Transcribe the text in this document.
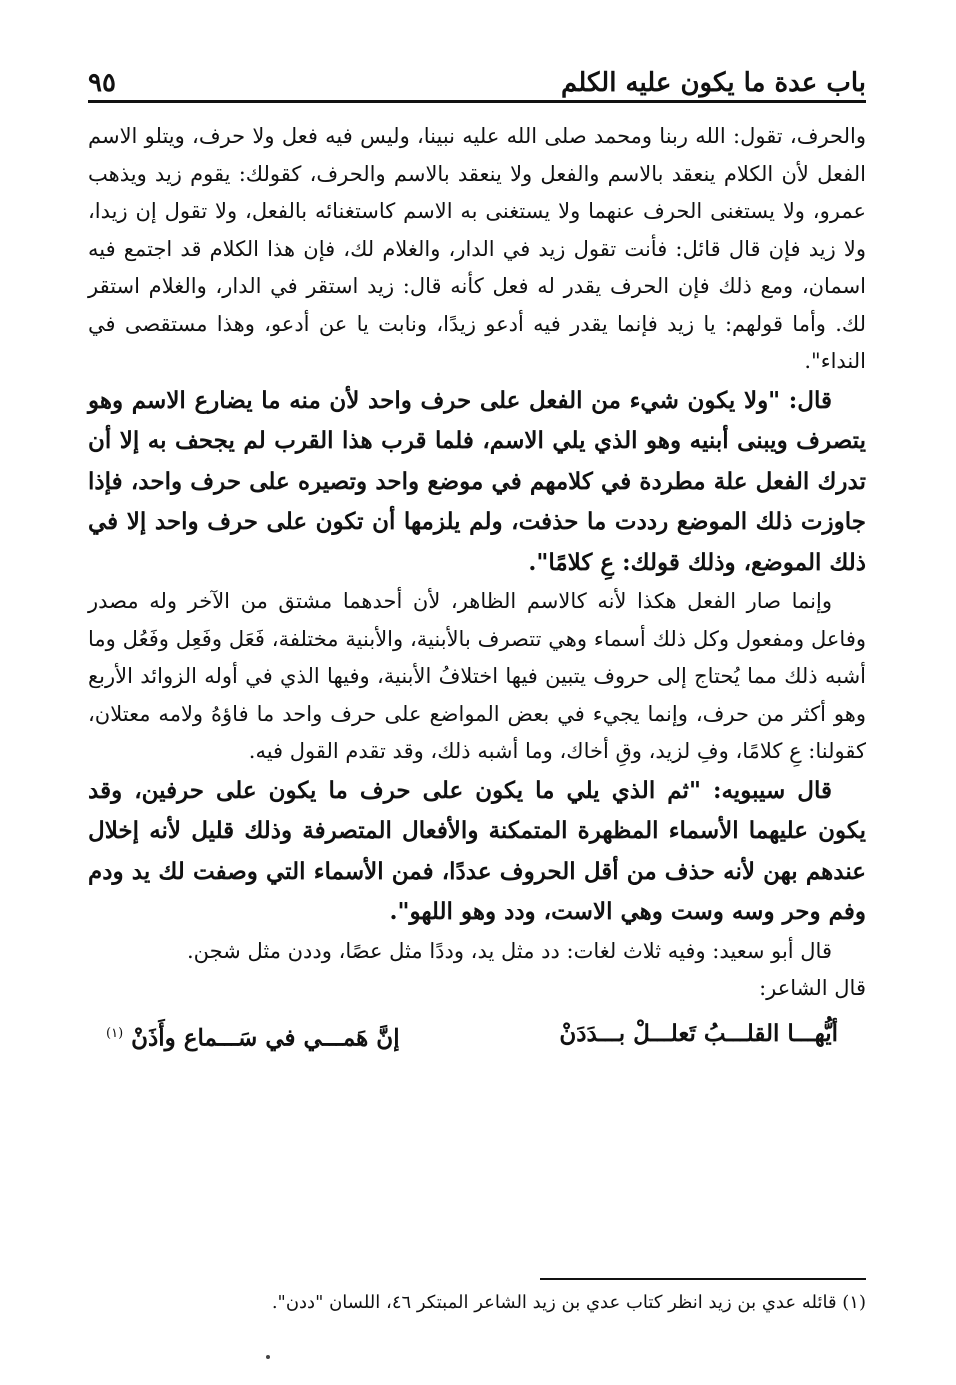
باب عدة ما يكون عليه الكلم
٩٥

والحرف، تقول: الله ربنا ومحمد صلى الله عليه نبينا، وليس فيه فعل ولا حرف، ويتلو الاسم الفعل لأن الكلام ينعقد بالاسم والفعل ولا ينعقد بالاسم والحرف، كقولك: يقوم زيد ويذهب عمرو، ولا يستغنى الحرف عنهما ولا يستغنى به الاسم كاستغنائه بالفعل، ولا تقول إن زيدا، ولا زيد فإن قال قائل: فأنت تقول زيد في الدار، والغلام لك، فإن هذا الكلام قد اجتمع فيه اسمان، ومع ذلك فإن الحرف يقدر له فعل كأنه قال: زيد استقر في الدار، والغلام استقر لك. وأما قولهم: يا زيد فإنما يقدر فيه أدعو زيدًا، ونابت يا عن أدعو، وهذا مستقصى في النداء".

قال: "ولا يكون شيء من الفعل على حرف واحد لأن منه ما يضارع الاسم وهو يتصرف ويبنى أبنيه وهو الذي يلي الاسم، فلما قرب هذا القرب لم يجحف به إلا أن تدرك الفعل علة مطردة في كلامهم في موضع واحد وتصيره على حرف واحد، فإذا جاوزت ذلك الموضع رددت ما حذفت، ولم يلزمها أن تكون على حرف واحد إلا في ذلك الموضع، وذلك قولك: عِ كلامًا".

وإنما صار الفعل هكذا لأنه كالاسم الظاهر، لأن أحدهما مشتق من الآخر وله مصدر وفاعل ومفعول وكل ذلك أسماء وهي تتصرف بالأبنية، والأبنية مختلفة، فَعَل وفَعِل وفَعُل وما أشبه ذلك مما يُحتاج إلى حروف يتبين فيها اختلافُ الأبنية، وفيها الذي في أوله الزوائد الأربع وهو أكثر من حرف، وإنما يجيء في بعض المواضع على حرف واحد ما فاؤهُ ولامه معتلان، كقولنا: عِ كلامًا، وفِ لزيد، وقِ أخاك، وما أشبه ذلك، وقد تقدم القول فيه.

قال سيبويه: "ثم الذي يلي ما يكون على حرف ما يكون على حرفين، وقد يكون عليهما الأسماء المظهرة المتمكنة والأفعال المتصرفة وذلك قليل لأنه إخلال عندهم بهن لأنه حذف من أقل الحروف عددًا، فمن الأسماء التي وصفت لك يد ودم وفم وحر وسه وست وهي الاست، ودد وهو اللهو".

قال أبو سعيد: وفيه ثلاث لغات: دد مثل يد، وددًا مثل عصًا، وددن مثل شجن.

قال الشاعر:

أيُّهـــا القلـــبُ تَعلـــلْ بـــدَدَنْ
إنَّ هَمـــي في سَـــماع وأَذَنْ $^{(١)}$
(١) قائله عدي بن زيد انظر كتاب عدي بن زيد الشاعر المبتكر ٤٦، اللسان "ددن".
